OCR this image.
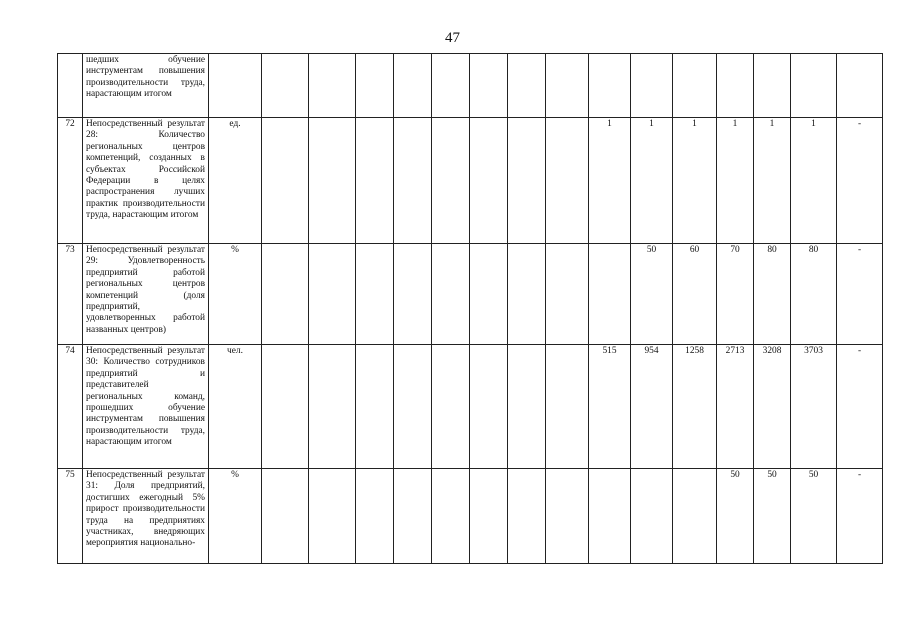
47
	шедших обучение инструментам повышения производительности труда, нарастающим итогом																	
72	Непосредственный результат 28: Количество региональных центров компетенций, созданных в субъектах Российской Федерации в целях распространения лучших практик производительности труда, нарастающим итогом	ед.									1	1	1	1	1	1	-	
73	Непосредственный результат 29: Удовлетворенность предприятий работой региональных центров компетенций (доля предприятий, удовлетворенных работой названных центров)	%										50	60	70	80	80	-	
74	Непосредственный результат 30: Количество сотрудников предприятий и представителей региональных команд, прошедших обучение инструментам повышения производительности труда, нарастающим итогом	чел.									515	954	1258	2713	3208	3703	-	
75	Непосредственный результат 31: Доля предприятий, достигших ежегодный 5% прирост производительности труда на предприятиях участниках, внедряющих мероприятия национально-	%												50	50	50	-	
